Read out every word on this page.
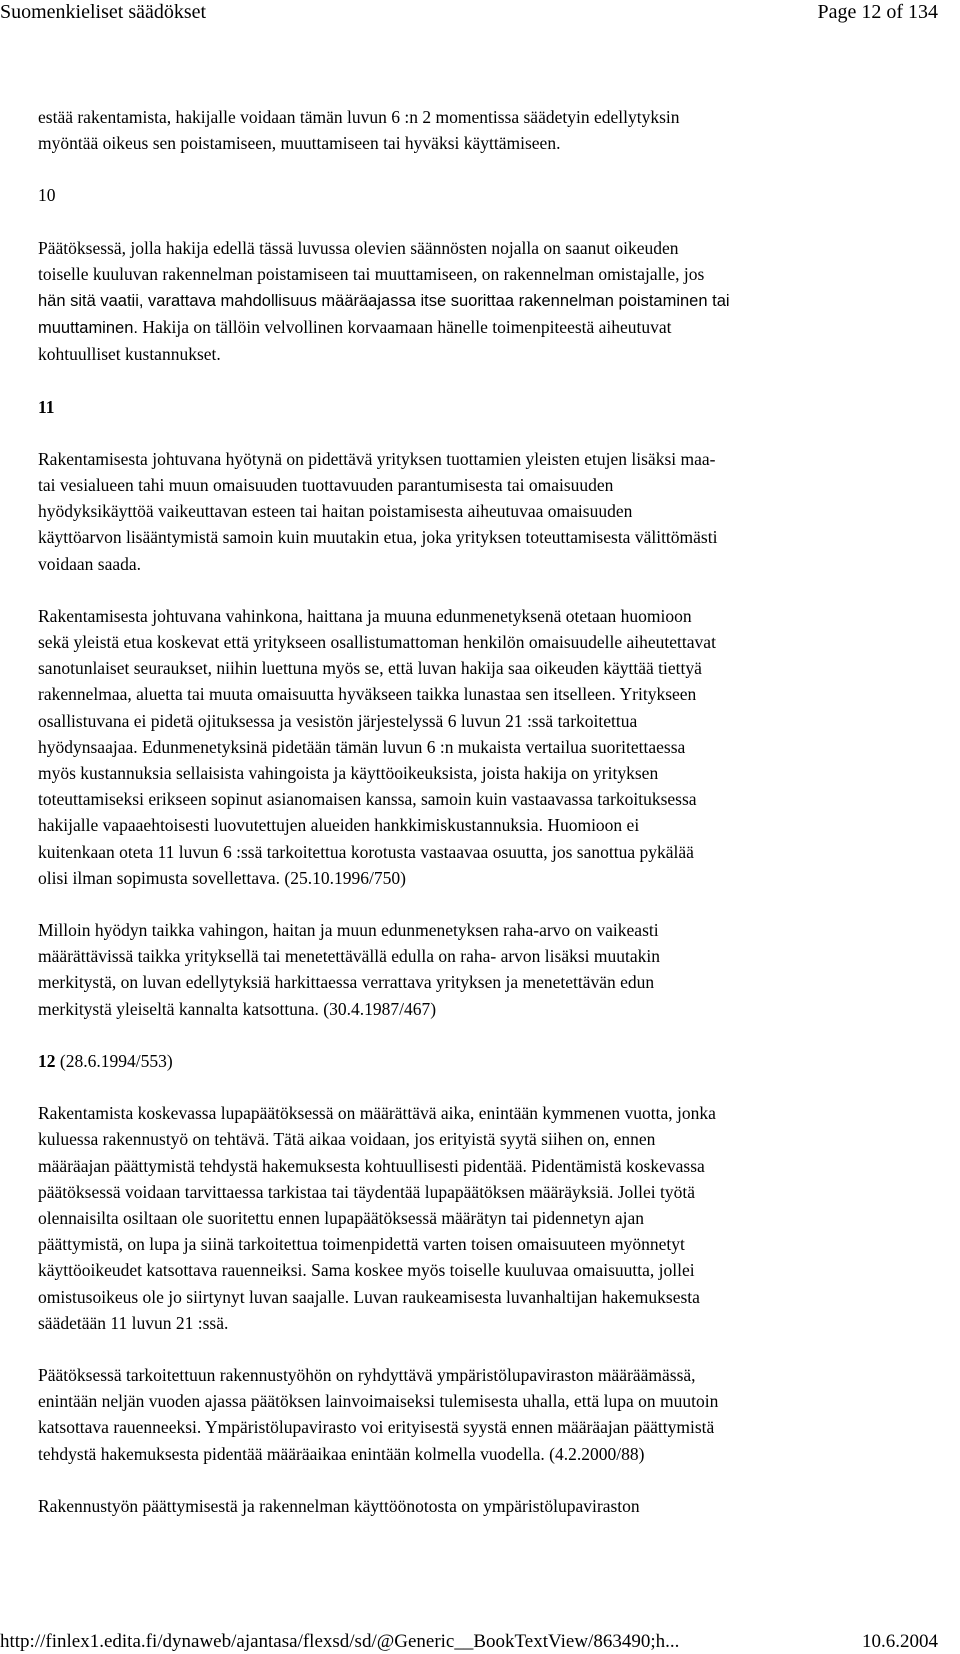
Suomenkieliset säädökset	Page 12 of 134

estää rakentamista, hakijalle voidaan tämän luvun 6 :n 2 momentissa säädetyin edellytyksin
myöntää oikeus sen poistamiseen, muuttamiseen tai hyväksi käyttämiseen.

10

Päätöksessä, jolla hakija edellä tässä luvussa olevien säännösten nojalla on saanut oikeuden
toiselle kuuluvan rakennelman poistamiseen tai muuttamiseen, on rakennelman omistajalle, jos
hän sitä vaatii, varattava mahdollisuus määräajassa itse suorittaa rakennelman poistaminen tai
muuttaminen. Hakija on tällöin velvollinen korvaamaan hänelle toimenpiteestä aiheutuvat
kohtuulliset kustannukset.

11

Rakentamisesta johtuvana hyötynä on pidettävä yrityksen tuottamien yleisten etujen lisäksi maa-
tai vesialueen tahi muun omaisuuden tuottavuuden parantumisesta tai omaisuuden
hyödyksikäyttöä vaikeuttavan esteen tai haitan poistamisesta aiheutuvaa omaisuuden
käyttöarvon lisääntymistä samoin kuin muutakin etua, joka yrityksen toteuttamisesta välittömästi
voidaan saada.

Rakentamisesta johtuvana vahinkona, haittana ja muuna edunmenetyksenä otetaan huomioon
sekä yleistä etua koskevat että yritykseen osallistumattoman henkilön omaisuudelle aiheutettavat
sanotunlaiset seuraukset, niihin luettuna myös se, että luvan hakija saa oikeuden käyttää tiettyä
rakennelmaa, aluetta tai muuta omaisuutta hyväkseen taikka lunastaa sen itselleen. Yritykseen
osallistuvana ei pidetä ojituksessa ja vesistön järjestelyssä 6 luvun 21 :ssä tarkoitettua
hyödynsaajaa. Edunmenetyksinä pidetään tämän luvun 6 :n mukaista vertailua suoritettaessa
myös kustannuksia sellaisista vahingoista ja käyttöoikeuksista, joista hakija on yrityksen
toteuttamiseksi erikseen sopinut asianomaisen kanssa, samoin kuin vastaavassa tarkoituksessa
hakijalle vapaaehtoisesti luovutettujen alueiden hankkimiskustannuksia. Huomioon ei
kuitenkaan oteta 11 luvun 6 :ssä tarkoitettua korotusta vastaavaa osuutta, jos sanottua pykälää
olisi ilman sopimusta sovellettava. (25.10.1996/750)

Milloin hyödyn taikka vahingon, haitan ja muun edunmenetyksen raha-arvo on vaikeasti
määrättävissä taikka yrityksellä tai menetettävällä edulla on raha- arvon lisäksi muutakin
merkitystä, on luvan edellytyksiä harkittaessa verrattava yrityksen ja menetettävän edun
merkitystä yleiseltä kannalta katsottuna. (30.4.1987/467)

12 (28.6.1994/553)

Rakentamista koskevassa lupapäätöksessä on määrättävä aika, enintään kymmenen vuotta, jonka
kuluessa rakennustyö on tehtävä. Tätä aikaa voidaan, jos erityistä syytä siihen on, ennen
määräajan päättymistä tehdystä hakemuksesta kohtuullisesti pidentää. Pidentämistä koskevassa
päätöksessä voidaan tarvittaessa tarkistaa tai täydentää lupapäätöksen määräyksiä. Jollei työtä
olennaisilta osiltaan ole suoritettu ennen lupapäätöksessä määrätyn tai pidennetyn ajan
päättymistä, on lupa ja siinä tarkoitettua toimenpidettä varten toisen omaisuuteen myönnetyt
käyttöoikeudet katsottava rauenneiksi. Sama koskee myös toiselle kuuluvaa omaisuutta, jollei
omistusoikeus ole jo siirtynyt luvan saajalle. Luvan raukeamisesta luvanhaltijan hakemuksesta
säädetään 11 luvun 21 :ssä.

Päätöksessä tarkoitettuun rakennustyöhön on ryhdyttävä ympäristölupaviraston määräämässä,
enintään neljän vuoden ajassa päätöksen lainvoimaiseksi tulemisesta uhalla, että lupa on muutoin
katsottava rauenneeksi. Ympäristölupavirasto voi erityisestä syystä ennen määräajan päättymistä
tehdystä hakemuksesta pidentää määräaikaa enintään kolmella vuodella. (4.2.2000/88)

Rakennustyön päättymisestä ja rakennelman käyttöönotosta on ympäristölupaviraston

http://finlex1.edita.fi/dynaweb/ajantasa/flexsd/sd/@Generic__BookTextView/863490;h...	10.6.2004
